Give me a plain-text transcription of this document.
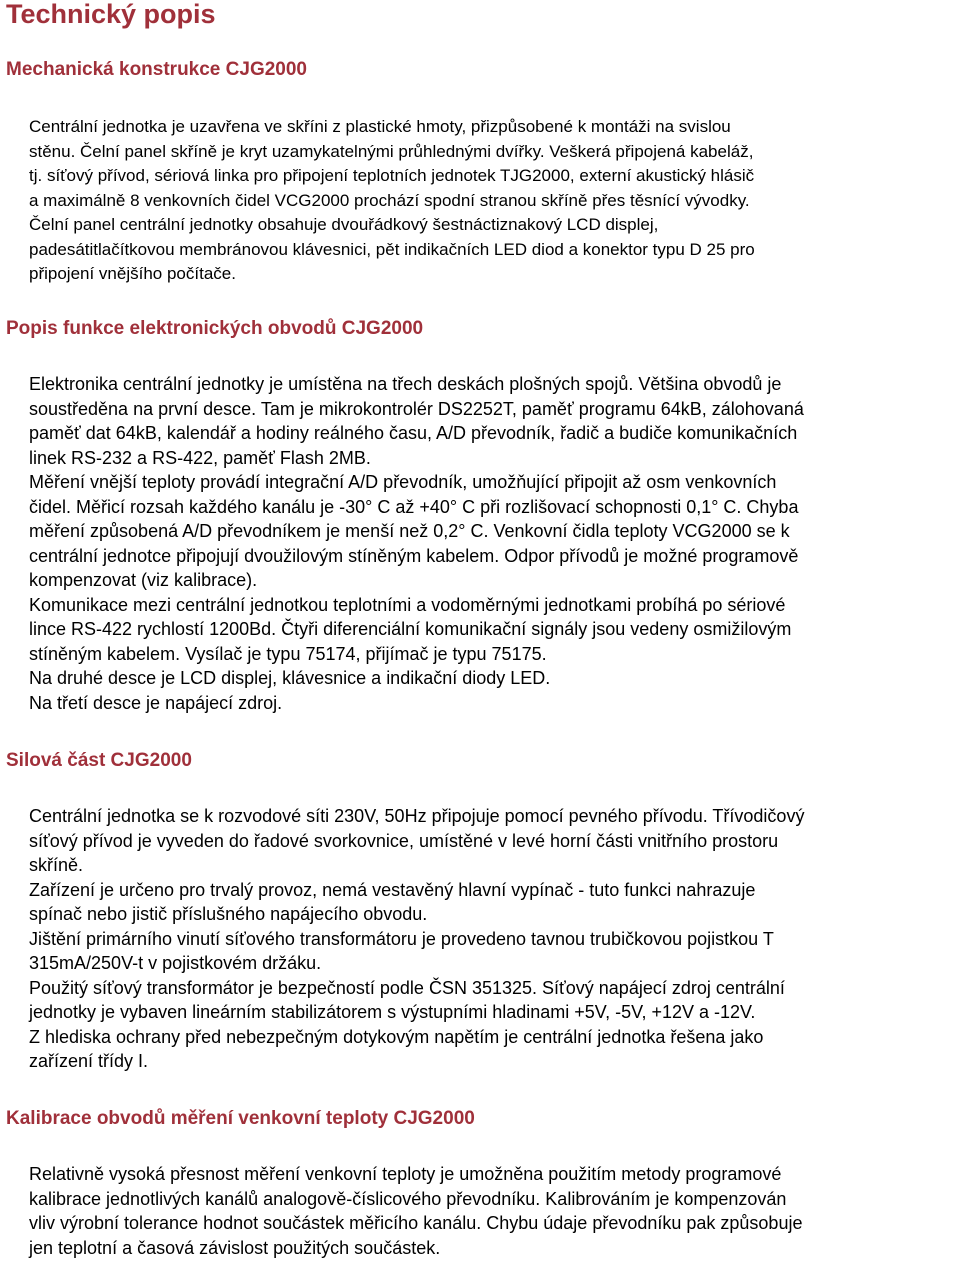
Technický popis
Mechanická konstrukce CJG2000
Centrální jednotka je uzavřena ve skříni z plastické hmoty, přizpůsobené k montáži na svislou
stěnu. Čelní panel skříně je kryt uzamykatelnými průhlednými dvířky. Veškerá připojená kabeláž,
tj. síťový přívod, sériová linka pro připojení teplotních jednotek TJG2000, externí akustický hlásič
a maximálně 8 venkovních čidel VCG2000 prochází spodní stranou skříně přes těsnící vývodky.
Čelní panel centrální jednotky obsahuje dvouřádkový šestnáctiznakový LCD displej,
padesátitlačítkovou membránovou klávesnici, pět indikačních LED diod a konektor typu D 25 pro
připojení vnějšího počítače.
Popis funkce elektronických obvodů CJG2000
Elektronika centrální jednotky je umístěna na třech deskách plošných spojů. Většina obvodů je
soustředěna na první desce. Tam je mikrokontrolér DS2252T, paměť programu 64kB, zálohovaná
paměť dat 64kB, kalendář a hodiny reálného času, A/D převodník, řadič a budiče komunikačních
linek RS-232 a RS-422, paměť Flash 2MB.
Měření vnější teploty provádí integrační A/D převodník, umožňující připojit až osm venkovních
čidel. Měřicí rozsah každého kanálu je -30° C až +40° C při rozlišovací schopnosti 0,1° C. Chyba
měření způsobená A/D převodníkem je menší než 0,2° C. Venkovní čidla teploty VCG2000 se k
centrální jednotce připojují dvoužilovým stíněným kabelem. Odpor přívodů je možné programově
kompenzovat (viz kalibrace).
Komunikace mezi centrální jednotkou teplotními a vodoměrnými jednotkami probíhá po sériové
lince RS-422 rychlostí 1200Bd. Čtyři diferenciální komunikační signály jsou vedeny osmižilovým
stíněným kabelem. Vysílač je typu 75174, přijímač je typu 75175.
Na druhé desce je LCD displej, klávesnice a indikační diody LED.
Na třetí desce je napájecí zdroj.
Silová část CJG2000
Centrální jednotka se k rozvodové síti 230V, 50Hz připojuje pomocí pevného přívodu. Třívodičový
síťový přívod je vyveden do řadové svorkovnice, umístěné v levé horní části vnitřního prostoru
skříně.
Zařízení je určeno pro trvalý provoz, nemá vestavěný hlavní vypínač - tuto funkci nahrazuje
spínač nebo jistič příslušného napájecího obvodu.
Jištění primárního vinutí síťového transformátoru je provedeno tavnou trubičkovou pojistkou T
315mA/250V-t v pojistkovém držáku.
Použitý síťový transformátor je bezpečností podle ČSN 351325. Síťový napájecí zdroj centrální
jednotky je vybaven lineárním stabilizátorem s výstupními hladinami +5V, -5V, +12V a -12V.
Z hlediska ochrany před nebezpečným dotykovým napětím je centrální jednotka řešena jako
zařízení třídy I.
Kalibrace obvodů měření venkovní teploty CJG2000
Relativně vysoká přesnost měření venkovní teploty je umožněna použitím metody programové
kalibrace jednotlivých kanálů analogově-číslicového převodníku. Kalibrováním je kompenzován
vliv výrobní tolerance hodnot součástek měřicího kanálu. Chybu údaje převodníku pak způsobuje
jen teplotní a časová závislost použitých součástek.
